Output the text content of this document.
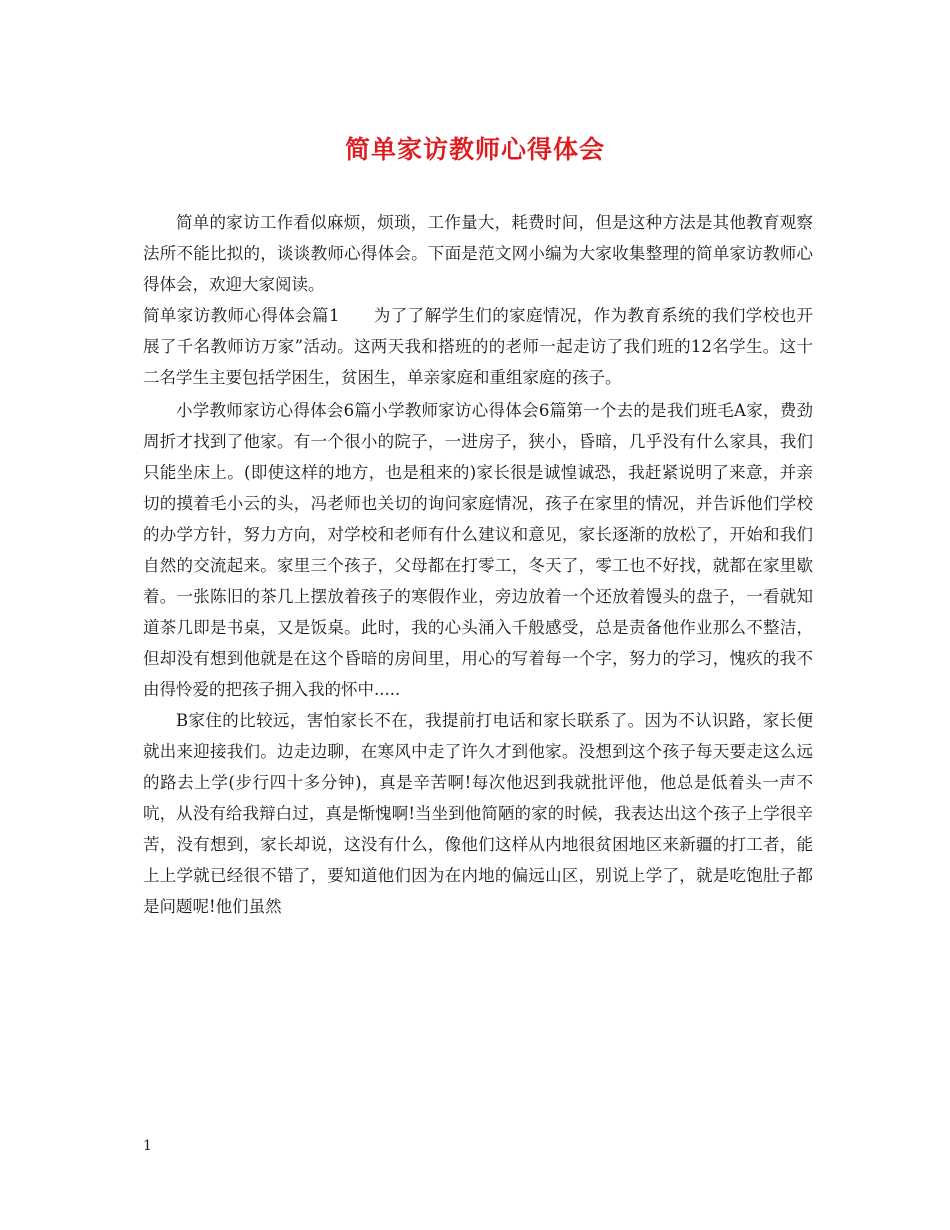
简单家访教师心得体会

简单的家访工作看似麻烦，烦琐，工作量大，耗费时间，但是这种方法是其他教育观察法所不能比拟的，谈谈教师心得体会。下面是范文网小编为大家收集整理的简单家访教师心得体会，欢迎大家阅读。

简单家访教师心得体会篇1 为了了解学生们的家庭情况，作为教育系统的我们学校也开展了千名教师访万家”活动。这两天我和搭班的的老师一起走访了我们班的12名学生。这十二名学生主要包括学困生，贫困生，单亲家庭和重组家庭的孩子。

小学教师家访心得体会6篇小学教师家访心得体会6篇第一个去的是我们班毛A家，费劲周折才找到了他家。有一个很小的院子，一进房子，狭小，昏暗，几乎没有什么家具，我们只能坐床上。(即使这样的地方，也是租来的)家长很是诚惶诚恐，我赶紧说明了来意，并亲切的摸着毛小云的头，冯老师也关切的询问家庭情况，孩子在家里的情况，并告诉他们学校的办学方针，努力方向，对学校和老师有什么建议和意见，家长逐渐的放松了，开始和我们自然的交流起来。家里三个孩子，父母都在打零工，冬天了，零工也不好找，就都在家里歇着。一张陈旧的茶几上摆放着孩子的寒假作业，旁边放着一个还放着馒头的盘子，一看就知道茶几即是书桌，又是饭桌。此时，我的心头涌入千般感受，总是责备他作业那么不整洁，但却没有想到他就是在这个昏暗的房间里，用心的写着每一个字，努力的学习，愧疚的我不由得怜爱的把孩子拥入我的怀中.....

B家住的比较远，害怕家长不在，我提前打电话和家长联系了。因为不认识路，家长便就出来迎接我们。边走边聊，在寒风中走了许久才到他家。没想到这个孩子每天要走这么远的路去上学(步行四十多分钟)，真是辛苦啊!每次他迟到我就批评他，他总是低着头一声不吭，从没有给我辩白过，真是惭愧啊!当坐到他简陋的家的时候，我表达出这个孩子上学很辛苦，没有想到，家长却说，这没有什么，像他们这样从内地很贫困地区来新疆的打工者，能上上学就已经很不错了，要知道他们因为在内地的偏远山区，别说上学了，就是吃饱肚子都是问题呢!他们虽然

1
